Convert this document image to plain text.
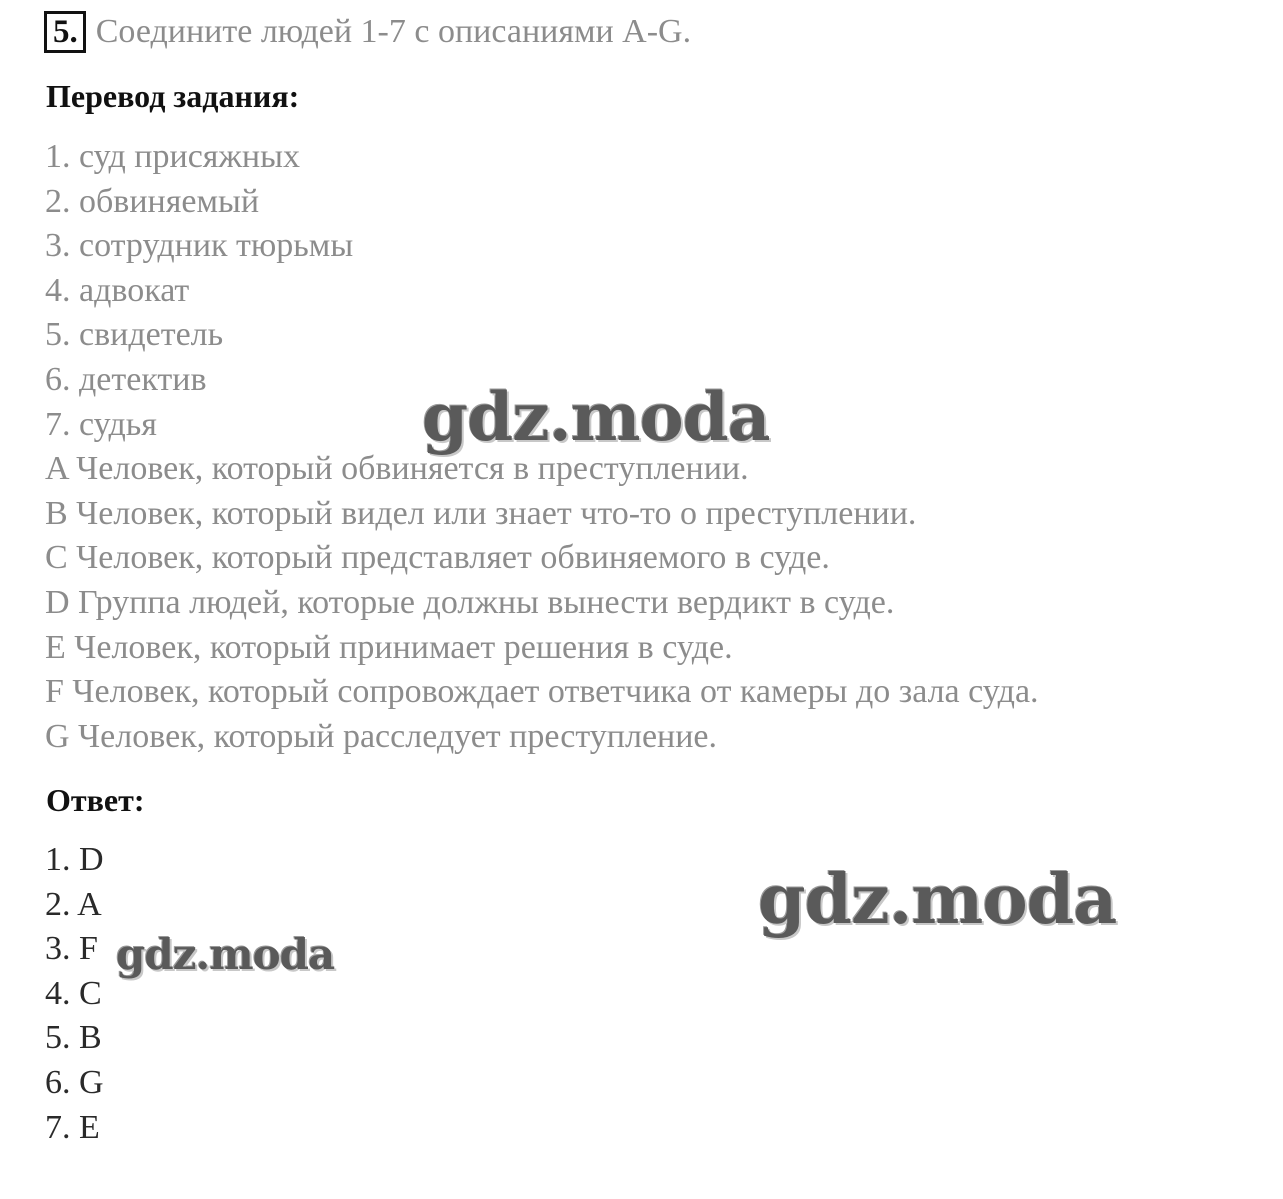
5. Соедините людей 1-7 с описаниями A-G.
Перевод задания:
1. суд присяжных
2. обвиняемый
3. сотрудник тюрьмы
4. адвокат
5. свидетель
6. детектив
7. судья
A Человек, который обвиняется в преступлении.
B Человек, который видел или знает что-то о преступлении.
C Человек, который представляет обвиняемого в суде.
D Группа людей, которые должны вынести вердикт в суде.
E Человек, который принимает решения в суде.
F Человек, который сопровождает ответчика от камеры до зала суда.
G Человек, который расследует преступление.
Ответ:
1. D
2. A
3. F
4. C
5. B
6. G
7. E
gdz.moda
gdz.moda
gdz.moda
